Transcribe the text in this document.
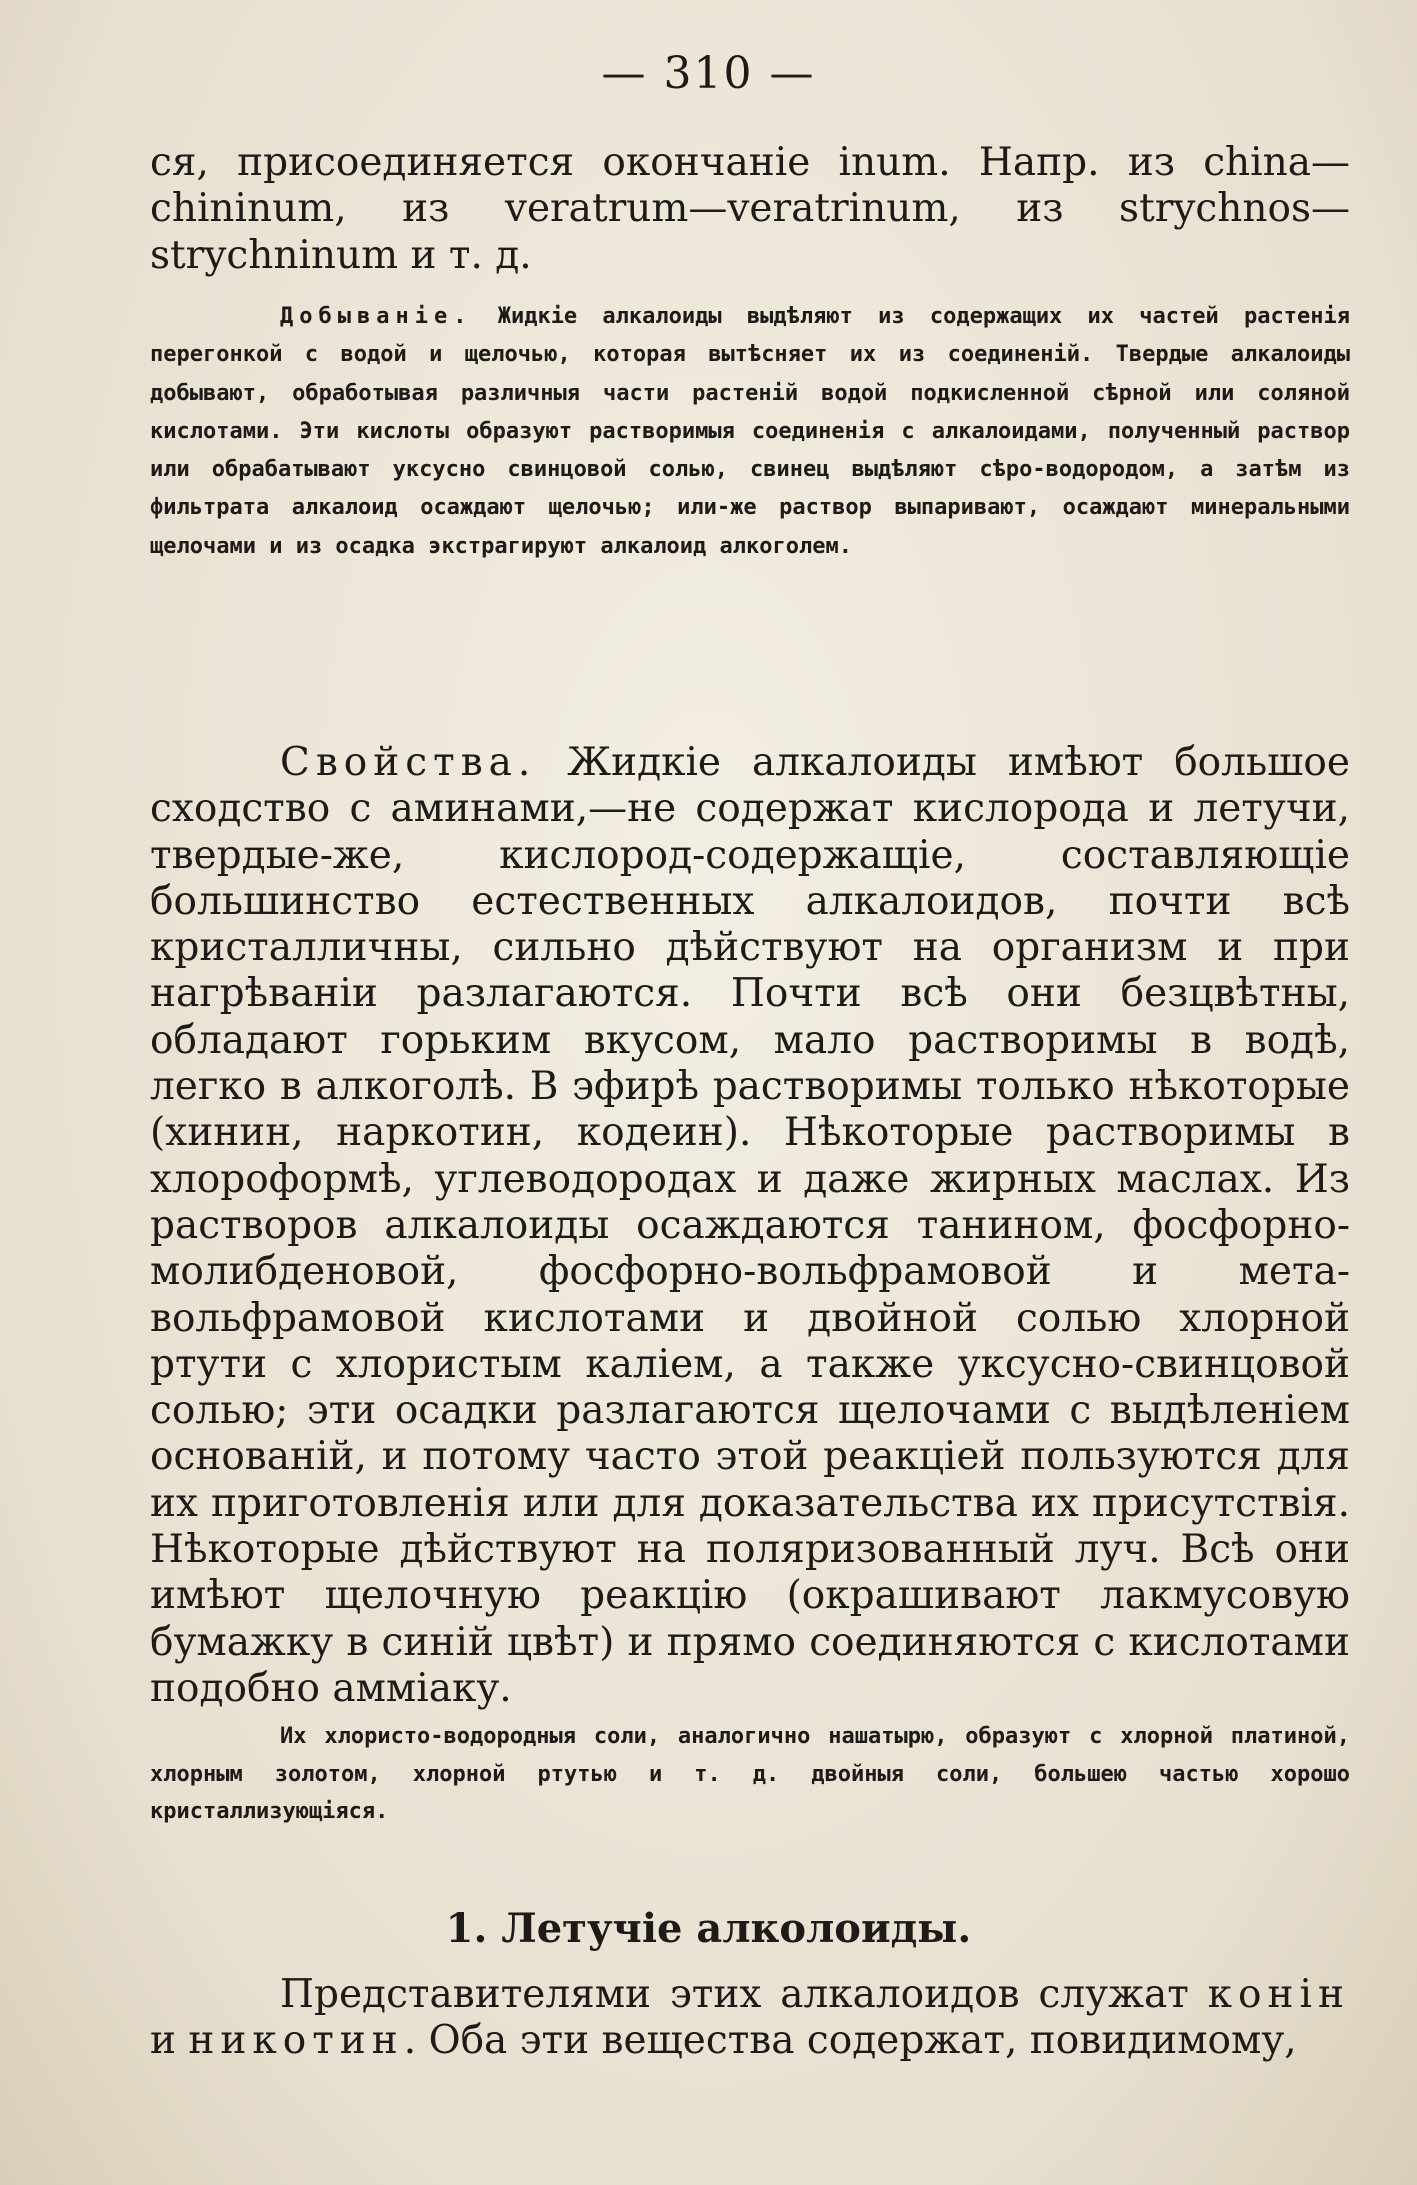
— 310 —

ся, присоединяется окончаніе inum. Напр. из china—chininum, из veratrum—veratrinum, из strychnos—strychninum и т. д.

Добываніе. Жидкіе алкалоиды выдѣляют из содержащих их частей растенія перегонкой с водой и щелочью, которая вытѣсняет их из соединеній. Твердые алкалоиды добывают, обработывая различныя части растеній водой подкисленной сѣрной или соляной кислотами. Эти кислоты образуют растворимыя соединенія с алкалоидами, полученный раствор или обрабатывают уксусно свинцовой солью, свинец выдѣляют сѣро-водородом, а затѣм из фильтрата алкалоид осаждают щелочью; или-же раствор выпаривают, осаждают минеральными щелочами и из осадка экстрагируют алкалоид алкоголем.

Свойства. Жидкіе алкалоиды имѣют большое сходство с аминами,—не содержат кислорода и летучи, твердые-же, кислород-содержащіе, составляющіе большинство естественных алкалоидов, почти всѣ кристалличны, сильно дѣйствуют на организм и при нагрѣваніи разлагаются. Почти всѣ они безцвѣтны, обладают горьким вкусом, мало растворимы в водѣ, легко в алкоголѣ. В эфирѣ растворимы только нѣкоторые (хинин, наркотин, кодеин). Нѣкоторые растворимы в хлороформѣ, углеводородах и даже жирных маслах. Из растворов алкалоиды осаждаются танином, фосфорно-молибденовой, фосфорно-вольфрамовой и мета-вольфрамовой кислотами и двойной солью хлорной ртути с хлористым каліем, а также уксусно-свинцовой солью; эти осадки разлагаются щелочами с выдѣленіем основаній, и потому часто этой реакціей пользуются для их приготовленія или для доказательства их присутствія. Нѣкоторые дѣйствуют на поляризованный луч. Всѣ они имѣют щелочную реакцію (окрашивают лакмусовую бумажку в синій цвѣт) и прямо соединяются с кислотами подобно амміаку.

Их хлористо-водородныя соли, аналогично нашатырю, образуют с хлорной платиной, хлорным золотом, хлорной ртутью и т. д. двойныя соли, большею частью хорошо кристаллизующіяся.

1. Летучіе алколоиды.

Представителями этих алкалоидов служат конін и никотин. Оба эти вещества содержат, повидимому,
